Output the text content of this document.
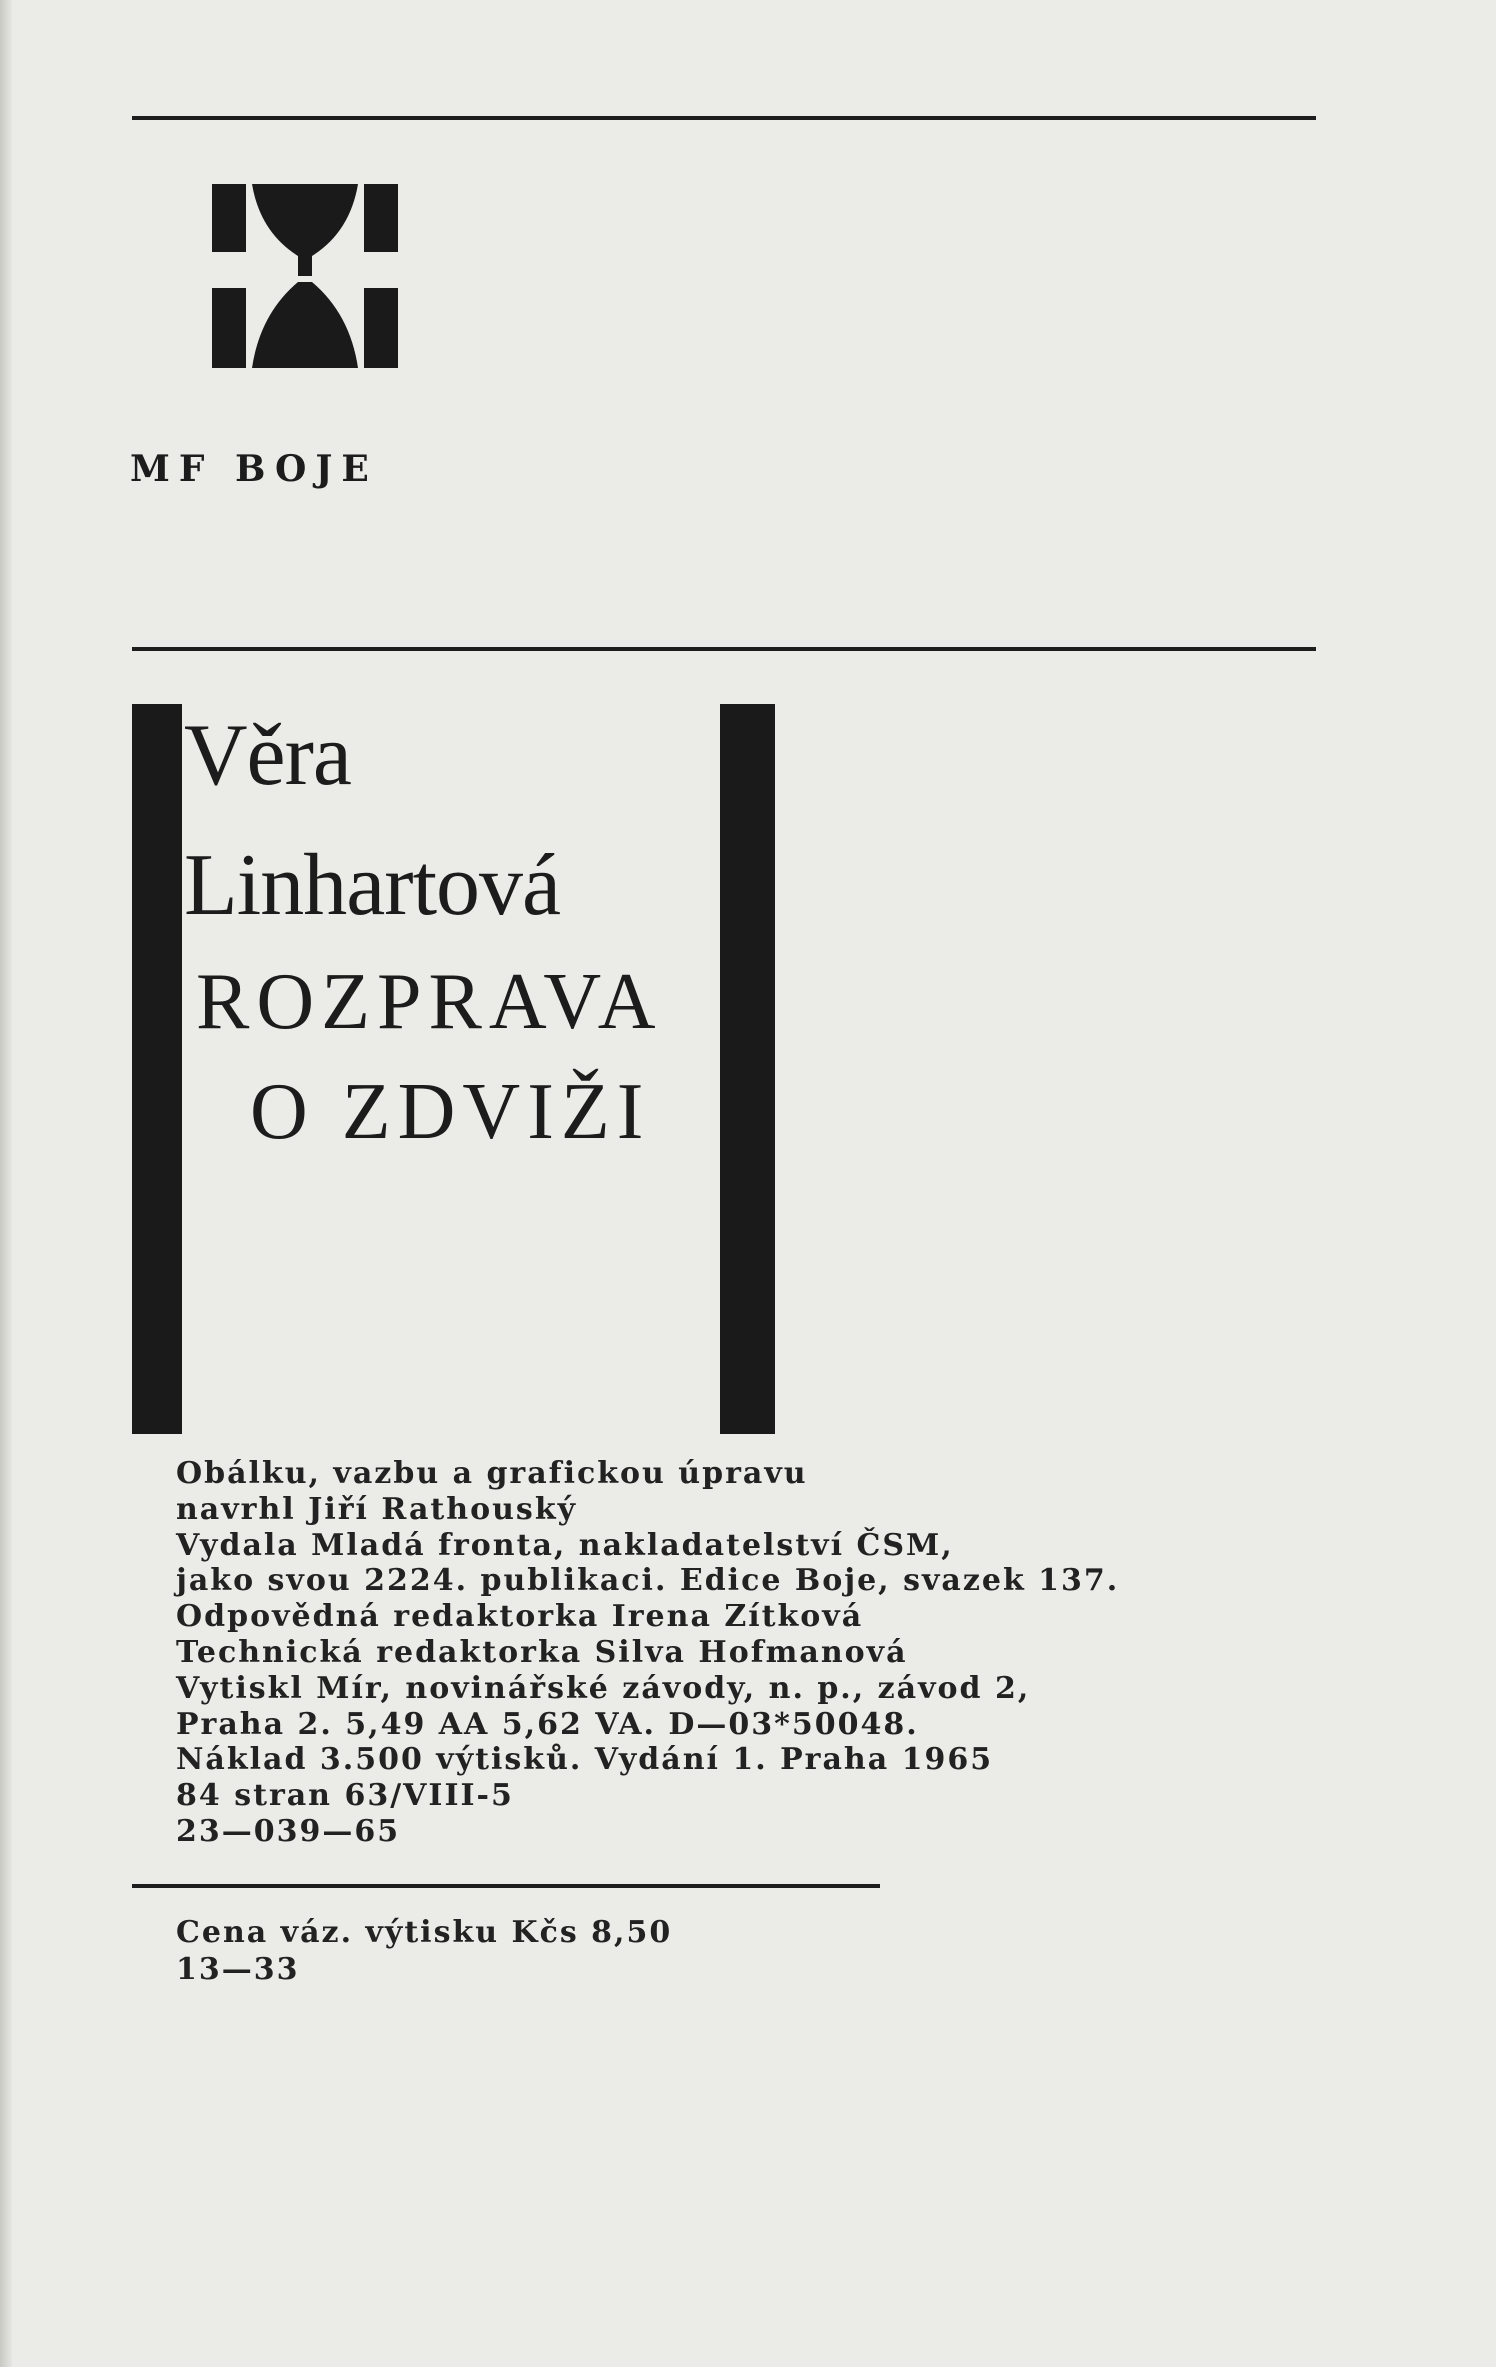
MF BOJE
Věra
Linhartová
ROZPRAVA
O ZDVIŽI
Obálku, vazbu a grafickou úpravu
navrhl Jiří Rathouský
Vydala Mladá fronta, nakladatelství ČSM,
jako svou 2224. publikaci. Edice Boje, svazek 137.
Odpovědná redaktorka Irena Zítková
Technická redaktorka Silva Hofmanová
Vytiskl Mír, novinářské závody, n. p., závod 2,
Praha 2. 5,49 AA 5,62 VA. D—03*50048.
Náklad 3.500 výtisků. Vydání 1. Praha 1965
84 stran 63/VIII-5
23—039—65
Cena váz. výtisku Kčs 8,50
13—33
